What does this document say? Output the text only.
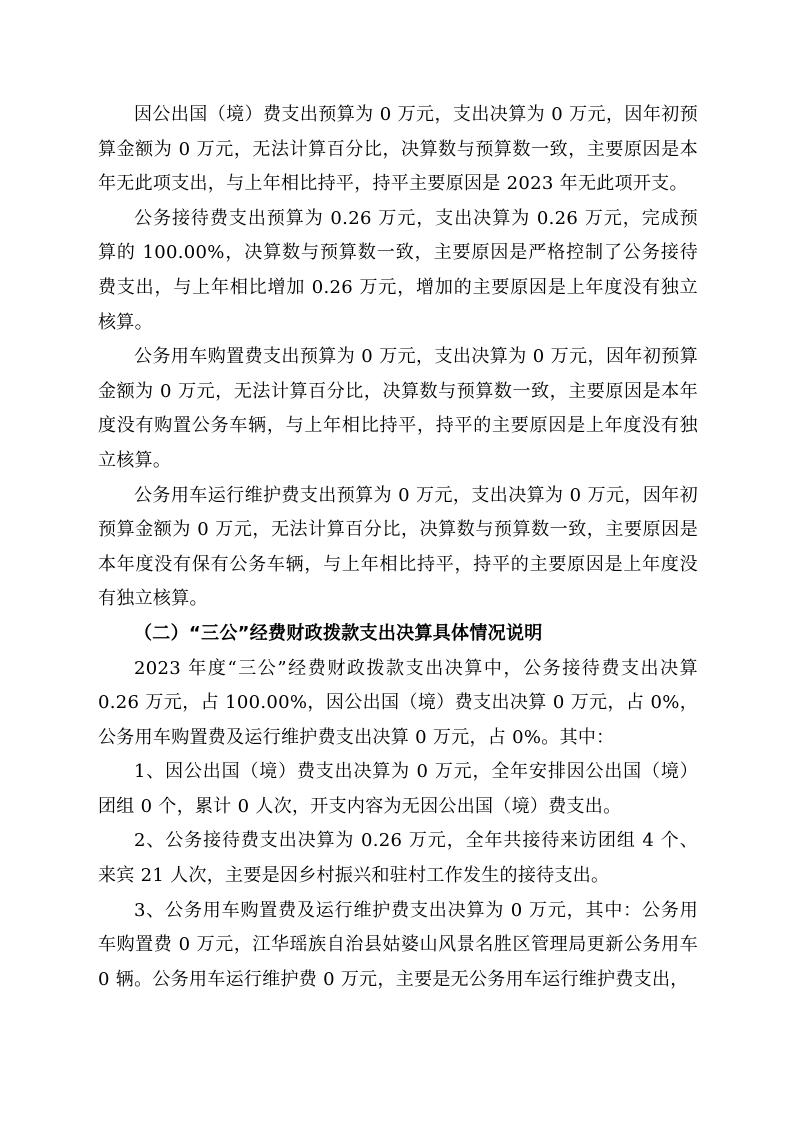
因公出国（境）费支出预算为 0 万元，支出决算为 0 万元，因年初预算金额为 0 万元，无法计算百分比，决算数与预算数一致，主要原因是本年无此项支出，与上年相比持平，持平主要原因是 2023 年无此项开支。

公务接待费支出预算为 0.26 万元，支出决算为 0.26 万元，完成预算的 100.00%，决算数与预算数一致，主要原因是严格控制了公务接待费支出，与上年相比增加 0.26 万元，增加的主要原因是上年度没有独立核算。

公务用车购置费支出预算为 0 万元，支出决算为 0 万元，因年初预算金额为 0 万元，无法计算百分比，决算数与预算数一致，主要原因是本年度没有购置公务车辆，与上年相比持平，持平的主要原因是上年度没有独立核算。

公务用车运行维护费支出预算为 0 万元，支出决算为 0 万元，因年初预算金额为 0 万元，无法计算百分比，决算数与预算数一致，主要原因是本年度没有保有公务车辆，与上年相比持平，持平的主要原因是上年度没有独立核算。

（二）“三公”经费财政拨款支出决算具体情况说明

2023 年度“三公”经费财政拨款支出决算中，公务接待费支出决算 0.26 万元，占 100.00%，因公出国（境）费支出决算 0 万元，占 0%，公务用车购置费及运行维护费支出决算 0 万元，占 0%。其中：

1、因公出国（境）费支出决算为 0 万元，全年安排因公出国（境）团组 0 个，累计 0 人次，开支内容为无因公出国（境）费支出。

2、公务接待费支出决算为 0.26 万元，全年共接待来访团组 4 个、来宾 21 人次，主要是因乡村振兴和驻村工作发生的接待支出。

3、公务用车购置费及运行维护费支出决算为 0 万元，其中：公务用车购置费 0 万元，江华瑶族自治县姑婆山风景名胜区管理局更新公务用车 0 辆。公务用车运行维护费 0 万元，主要是无公务用车运行维护费支出，
